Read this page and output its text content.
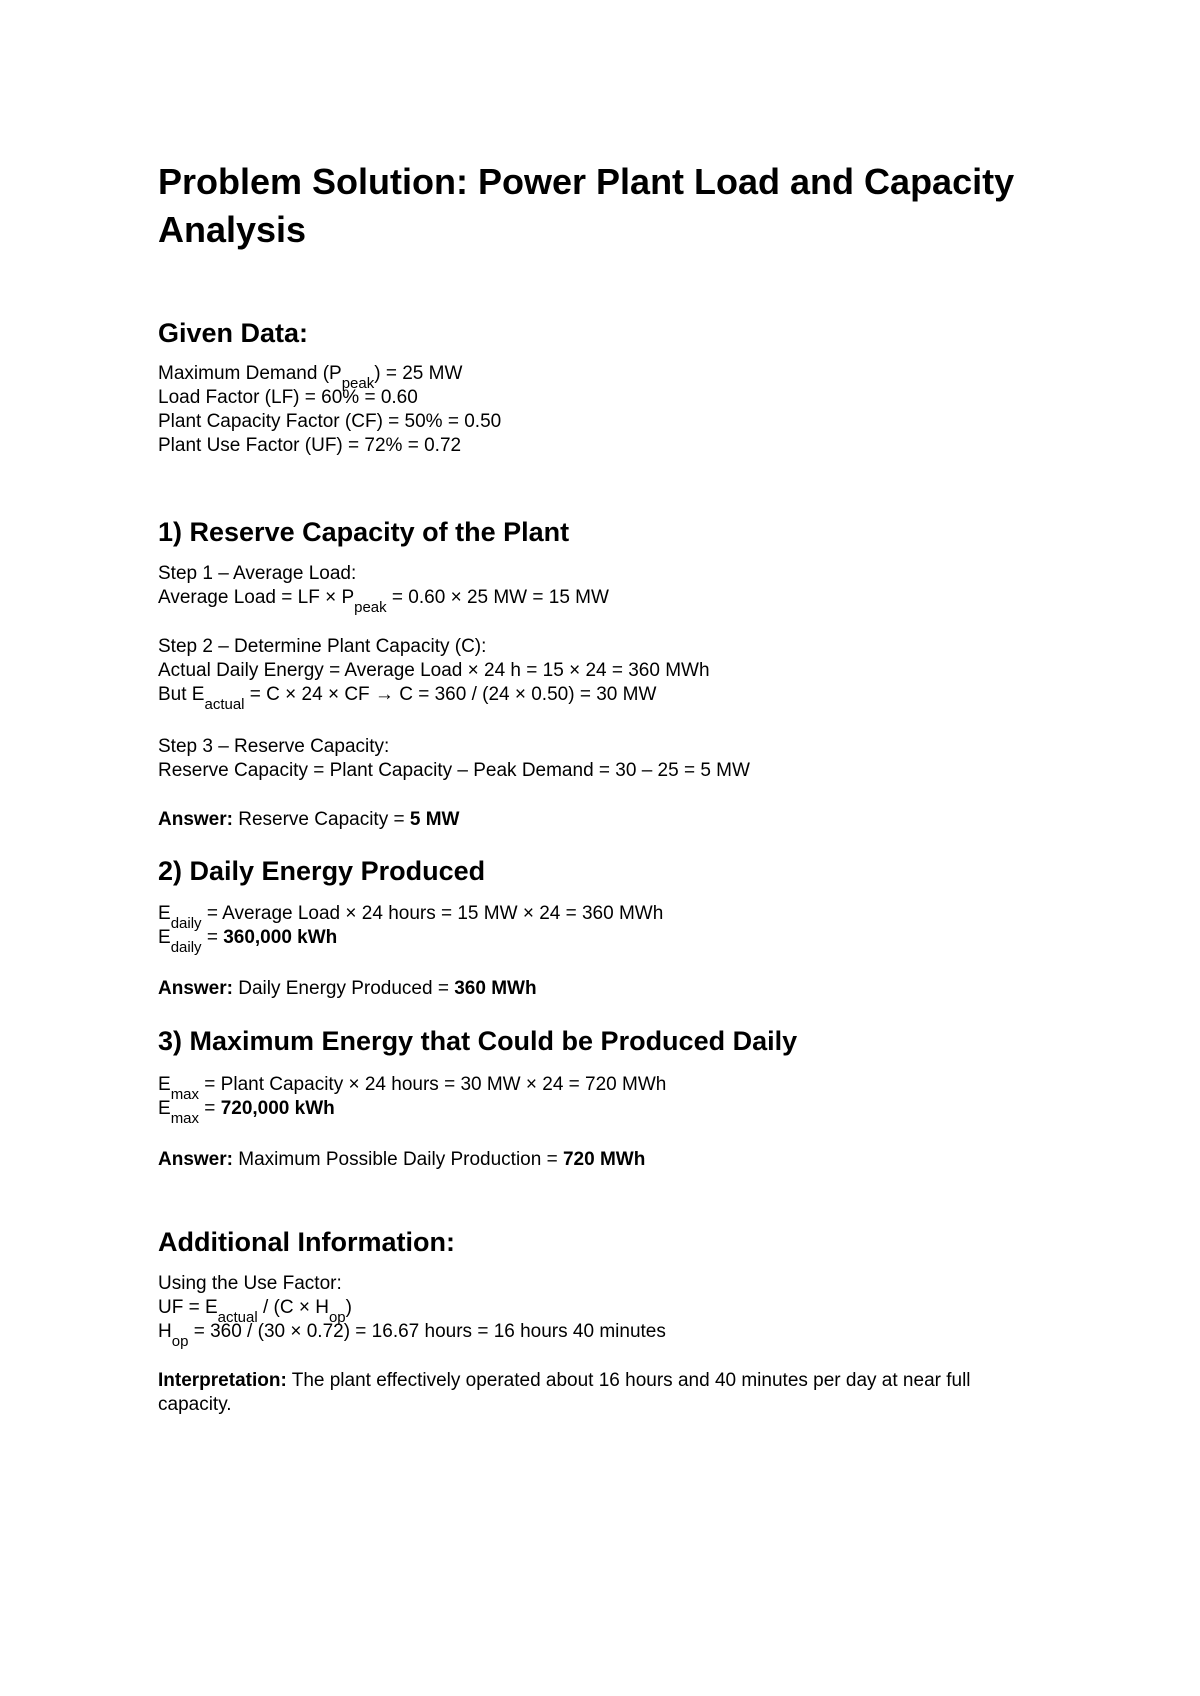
Problem Solution: Power Plant Load and Capacity Analysis
Given Data:
Maximum Demand $(P_{peak}) = 25$ MW
Load Factor (LF) = 60% = 0.60
Plant Capacity Factor (CF) = 50% = 0.50
Plant Use Factor (UF) = 72% = 0.72
1) Reserve Capacity of the Plant
Step 1 – Average Load:
Average Load = LF × $P_{peak} = 0.60 \times 25$ MW = 15 MW
Step 2 – Determine Plant Capacity (C):
Actual Daily Energy = Average Load × 24 h = 15 × 24 = 360 MWh
But $E_{actual} = C \times 24$ × CF → C = 360 / (24 × 0.50) = 30 MW
Step 3 – Reserve Capacity:
Reserve Capacity = Plant Capacity – Peak Demand = 30 – 25 = 5 MW
Answer: Reserve Capacity = 5 MW
2) Daily Energy Produced
$E_{daily}$ = Average Load × 24 hours = 15 MW × 24 = 360 MWh
$E_{daily} = 360,000$ kWh
Answer: Daily Energy Produced = 360 MWh
3) Maximum Energy that Could be Produced Daily
$E_{max}$ = Plant Capacity × 24 hours = 30 MW × 24 = 720 MWh
$E_{max} = 720,000$ kWh
Answer: Maximum Possible Daily Production = 720 MWh
Additional Information:
Using the Use Factor:
UF = $E_{actual} / (C \times H_{op})$
$H_{op} = 360 / (30 \times 0.72) = 16.67$ hours = 16 hours 40 minutes
Interpretation: The plant effectively operated about 16 hours and 40 minutes per day at near full capacity.
